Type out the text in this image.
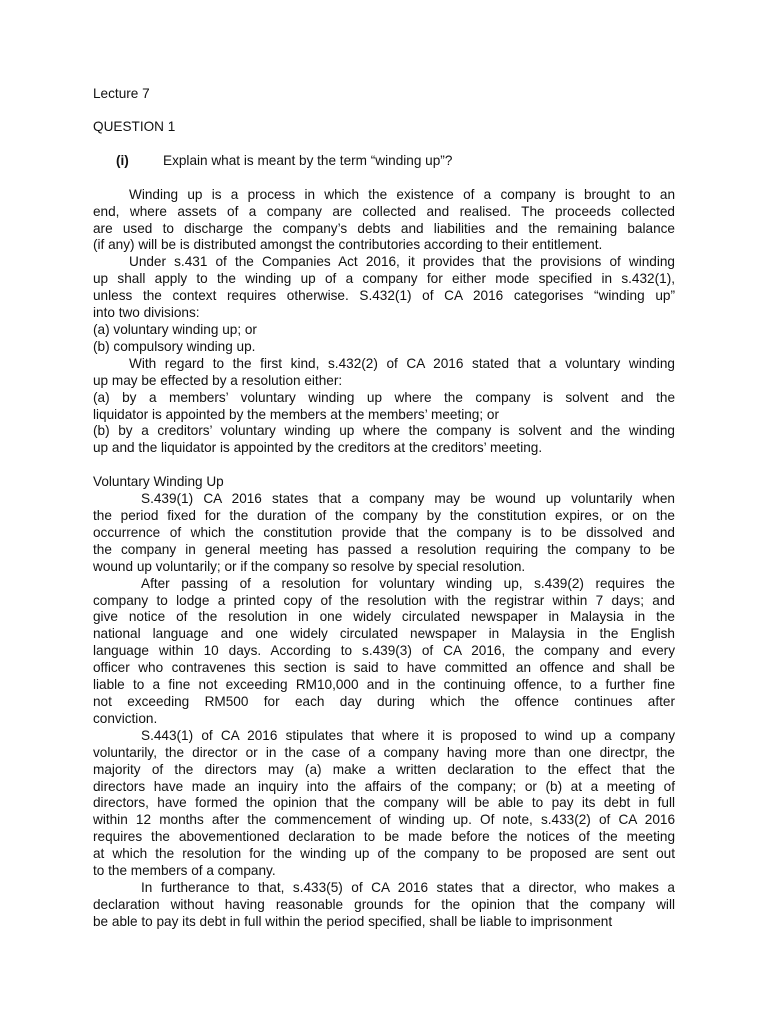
Lecture 7
QUESTION 1
(i)	Explain what is meant by the term “winding up”?
Winding up is a process in which the existence of a company is brought to an
end, where assets of a company are collected and realised. The proceeds collected
are used to discharge the company’s debts and liabilities and the remaining balance
(if any) will be is distributed amongst the contributories according to their entitlement.
Under s.431 of the Companies Act 2016, it provides that the provisions of winding
up shall apply to the winding up of a company for either mode specified in s.432(1),
unless the context requires otherwise. S.432(1) of CA 2016 categorises “winding up”
into two divisions:
(a) voluntary winding up; or
(b) compulsory winding up.
With regard to the first kind, s.432(2) of CA 2016 stated that a voluntary winding
up may be effected by a resolution either:
(a) by a members’ voluntary winding up where the company is solvent and the
liquidator is appointed by the members at the members’ meeting; or
(b) by a creditors’ voluntary winding up where the company is solvent and the winding
up and the liquidator is appointed by the creditors at the creditors’ meeting.
Voluntary Winding Up
S.439(1) CA 2016 states that a company may be wound up voluntarily when
the period fixed for the duration of the company by the constitution expires, or on the
occurrence of which the constitution provide that the company is to be dissolved and
the company in general meeting has passed a resolution requiring the company to be
wound up voluntarily; or if the company so resolve by special resolution.
After passing of a resolution for voluntary winding up, s.439(2) requires the
company to lodge a printed copy of the resolution with the registrar within 7 days; and
give notice of the resolution in one widely circulated newspaper in Malaysia in the
national language and one widely circulated newspaper in Malaysia in the English
language within 10 days. According to s.439(3) of CA 2016, the company and every
officer who contravenes this section is said to have committed an offence and shall be
liable to a fine not exceeding RM10,000 and in the continuing offence, to a further fine
not exceeding RM500 for each day during which the offence continues after
conviction.
S.443(1) of CA 2016 stipulates that where it is proposed to wind up a company
voluntarily, the director or in the case of a company having more than one directpr, the
majority of the directors may (a) make a written declaration to the effect that the
directors have made an inquiry into the affairs of the company; or (b) at a meeting of
directors, have formed the opinion that the company will be able to pay its debt in full
within 12 months after the commencement of winding up. Of note, s.433(2) of CA 2016
requires the abovementioned declaration to be made before the notices of the meeting
at which the resolution for the winding up of the company to be proposed are sent out
to the members of a company.
In furtherance to that, s.433(5) of CA 2016 states that a director, who makes a
declaration without having reasonable grounds for the opinion that the company will
be able to pay its debt in full within the period specified, shall be liable to imprisonment
